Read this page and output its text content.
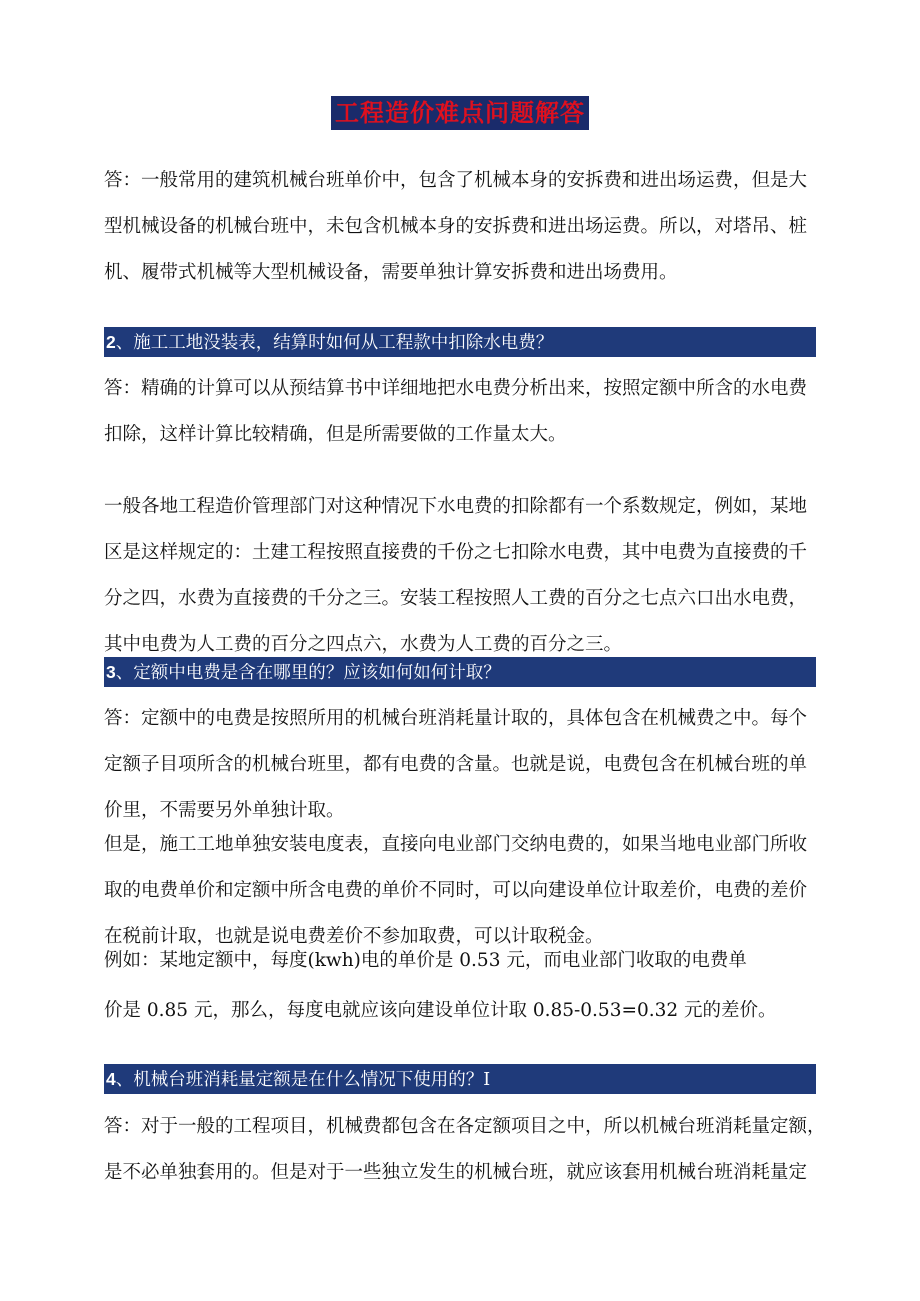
工程造价难点问题解答
答：一般常用的建筑机械台班单价中，包含了机械本身的安拆费和进出场运费，但是大
型机械设备的机械台班中，未包含机械本身的安拆费和进出场运费。所以，对塔吊、桩
机、履带式机械等大型机械设备，需要单独计算安拆费和进出场费用。
2、施工工地没装表，结算时如何从工程款中扣除水电费？
答：精确的计算可以从预结算书中详细地把水电费分析出来，按照定额中所含的水电费
扣除，这样计算比较精确，但是所需要做的工作量太大。
一般各地工程造价管理部门对这种情况下水电费的扣除都有一个系数规定，例如，某地
区是这样规定的：土建工程按照直接费的千份之七扣除水电费，其中电费为直接费的千
分之四，水费为直接费的千分之三。安装工程按照人工费的百分之七点六口出水电费，
其中电费为人工费的百分之四点六，水费为人工费的百分之三。
3、定额中电费是含在哪里的？应该如何如何计取？
答：定额中的电费是按照所用的机械台班消耗量计取的，具体包含在机械费之中。每个
定额子目项所含的机械台班里，都有电费的含量。也就是说，电费包含在机械台班的单
价里，不需要另外单独计取。
但是，施工工地单独安装电度表，直接向电业部门交纳电费的，如果当地电业部门所收
取的电费单价和定额中所含电费的单价不同时，可以向建设单位计取差价，电费的差价
在税前计取，也就是说电费差价不参加取费，可以计取税金。
例如：某地定额中，每度(kwh)电的单价是 0.53 元，而电业部门收取的电费单
价是 0.85 元，那么，每度电就应该向建设单位计取 0.85-0.53=0.32 元的差价。
4、机械台班消耗量定额是在什么情况下使用的？I
答：对于一般的工程项目，机械费都包含在各定额项目之中，所以机械台班消耗量定额，
是不必单独套用的。但是对于一些独立发生的机械台班，就应该套用机械台班消耗量定
